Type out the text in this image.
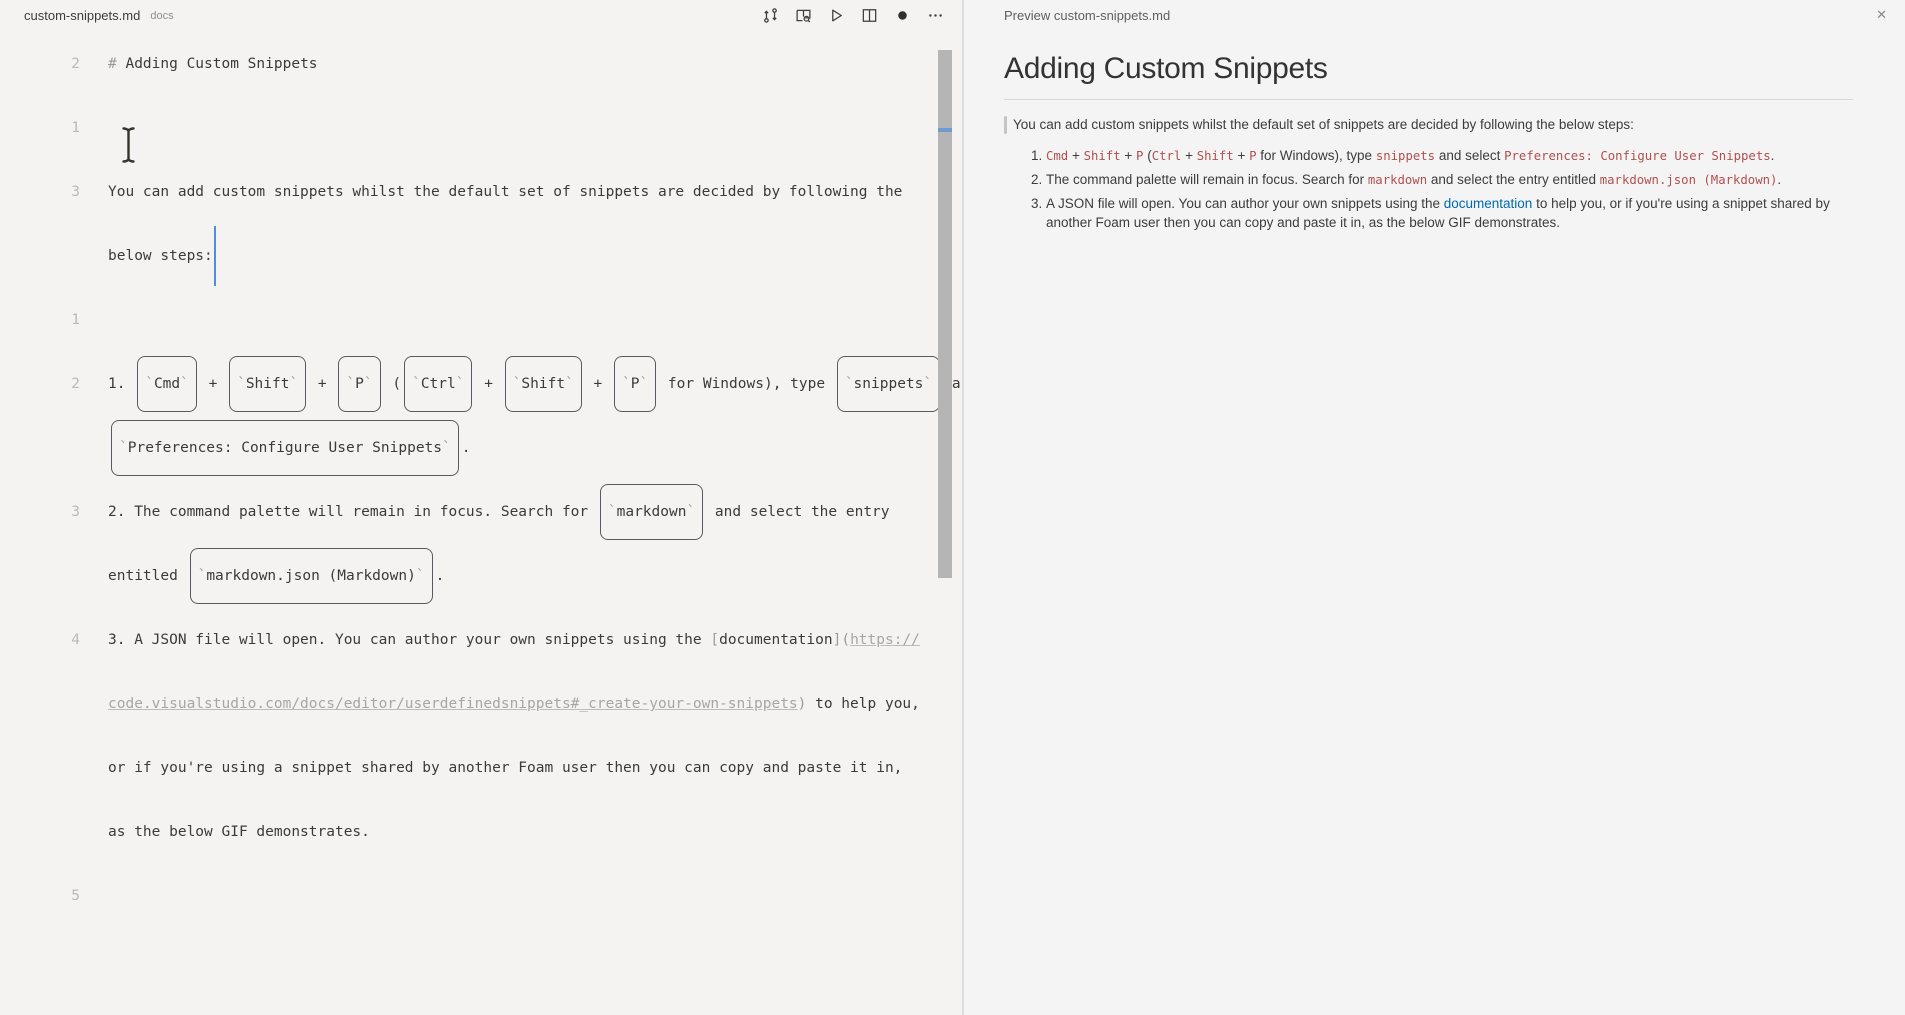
custom-snippets.md docs
2	# Adding Custom Snippets
1
3	You can add custom snippets whilst the default set of snippets are decided by following the
below steps:
1
2	1. ` Cmd ` + ` Shift ` + ` P ` ( ` Ctrl ` + ` Shift ` + ` P ` for Windows), type ` snippets `
` Preferences: Configure User Snippets ` .
3	2. The command palette will remain in focus. Search for ` markdown ` and select the entry
entitled ` markdown.json (Markdown) ` .
4	3. A JSON file will open. You can author your own snippets using the [documentation](https://
code.visualstudio.com/docs/editor/userdefinedsnippets#_create-your-own-snippets) to help you,
or if you're using a snippet shared by another Foam user then you can copy and paste it in,
as the below GIF demonstrates.
5
Preview custom-snippets.md	✕
Adding Custom Snippets
You can add custom snippets whilst the default set of snippets are decided by following the below steps:
1. Cmd + Shift + P (Ctrl + Shift + P for Windows), type snippets and select Preferences: Configure User Snippets.
2. The command palette will remain in focus. Search for markdown and select the entry entitled markdown.json (Markdown).
3. A JSON file will open. You can author your own snippets using the documentation to help you, or if you're using a snippet shared by another Foam user then you can copy and paste it in, as the below GIF demonstrates.
